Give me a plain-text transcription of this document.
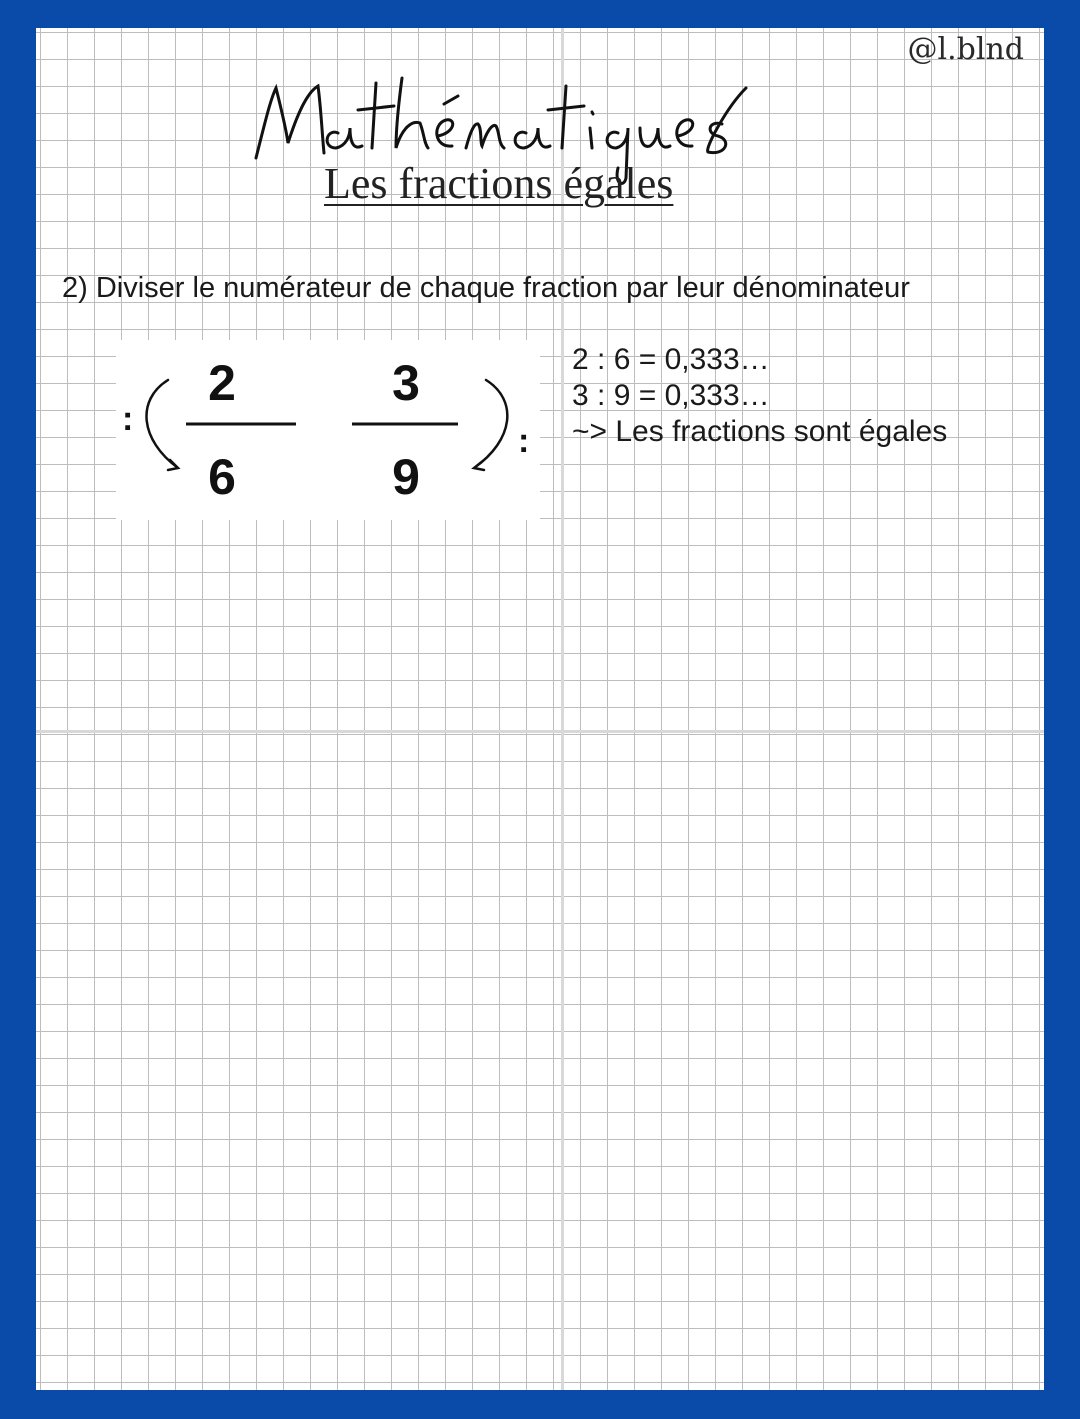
@l.blnd
Les fractions égales
2) Diviser le numérateur de chaque fraction par leur dénominateur
:
2
6
3
9
:
2 : 6 = 0,333…
3 : 9 = 0,333…
~> Les fractions sont égales
